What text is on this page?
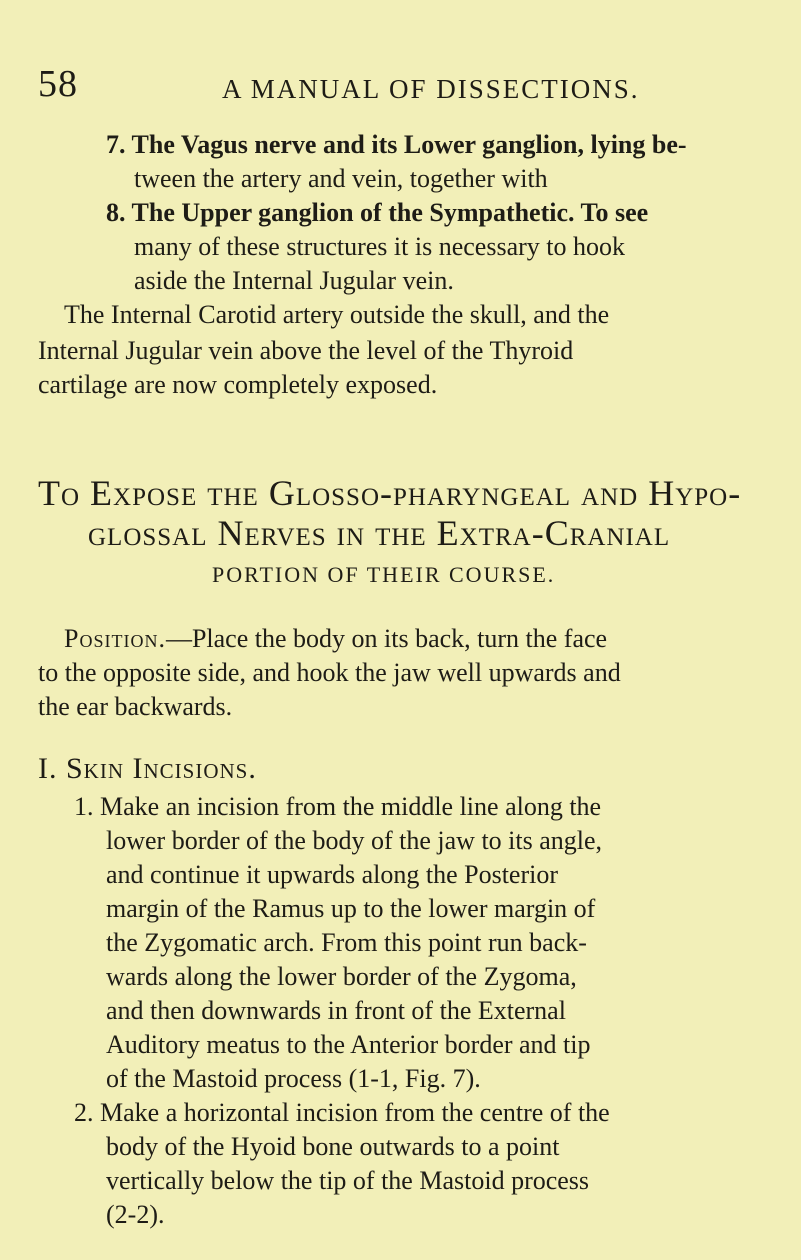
58	A MANUAL OF DISSECTIONS.
7. The Vagus nerve and its Lower ganglion, lying be-
tween the artery and vein, together with
8. The Upper ganglion of the Sympathetic. To see
many of these structures it is necessary to hook
aside the Internal Jugular vein.
The Internal Carotid artery outside the skull, and the
Internal Jugular vein above the level of the Thyroid
cartilage are now completely exposed.
To Expose the Glosso-pharyngeal and Hypo-
glossal Nerves in the Extra-Cranial
PORTION OF THEIR COURSE.
Position.—Place the body on its back, turn the face
to the opposite side, and hook the jaw well upwards and
the ear backwards.
I. Skin Incisions.
1. Make an incision from the middle line along the
lower border of the body of the jaw to its angle,
and continue it upwards along the Posterior
margin of the Ramus up to the lower margin of
the Zygomatic arch. From this point run back-
wards along the lower border of the Zygoma,
and then downwards in front of the External
Auditory meatus to the Anterior border and tip
of the Mastoid process (1-1, Fig. 7).
2. Make a horizontal incision from the centre of the
body of the Hyoid bone outwards to a point
vertically below the tip of the Mastoid process
(2-2).
